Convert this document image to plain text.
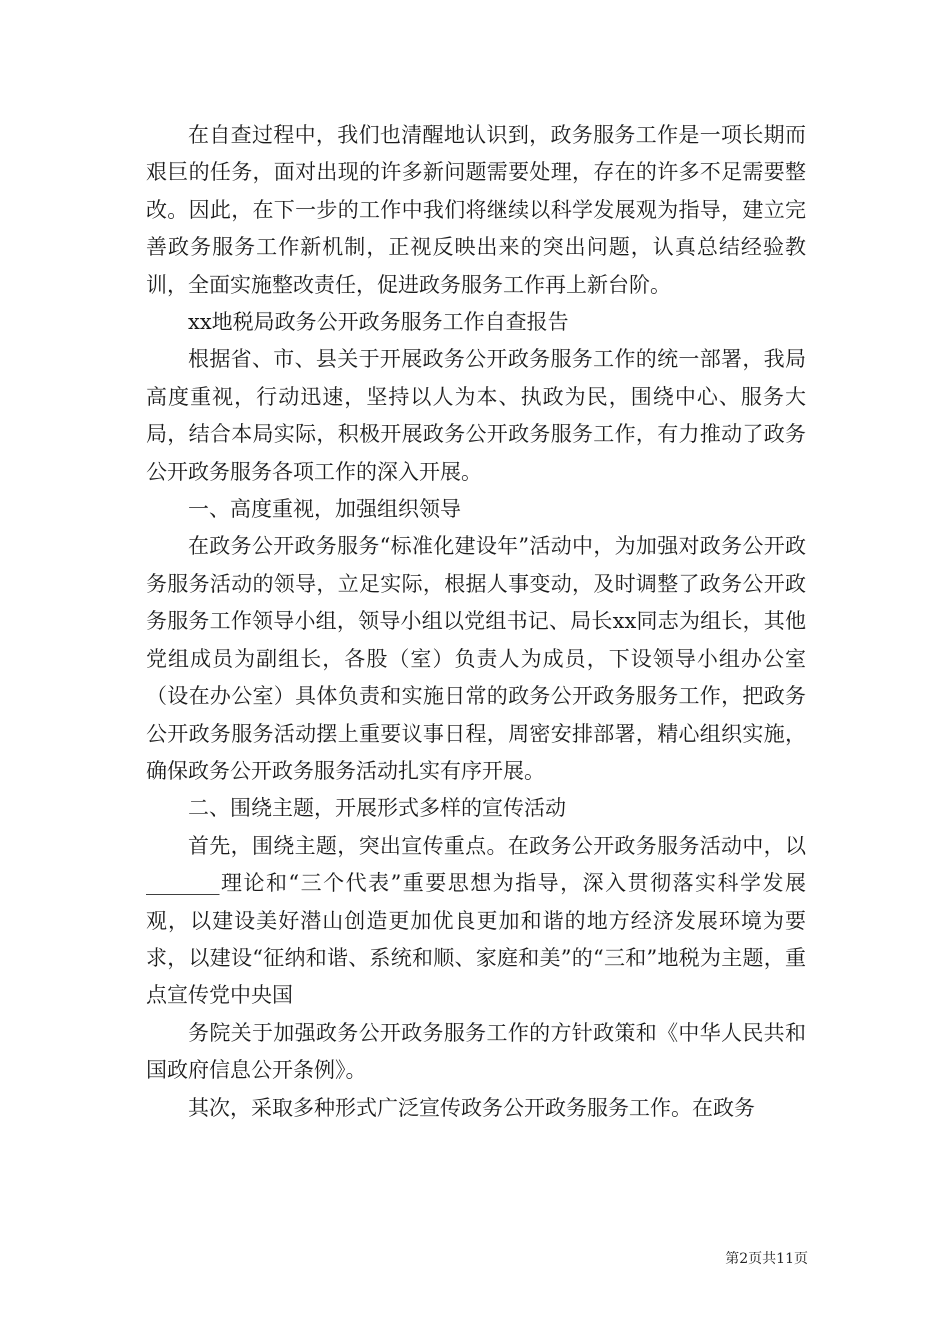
在自查过程中，我们也清醒地认识到，政务服务工作是一项长期而艰巨的任务，面对出现的许多新问题需要处理，存在的许多不足需要整改。因此，在下一步的工作中我们将继续以科学发展观为指导，建立完善政务服务工作新机制，正视反映出来的突出问题，认真总结经验教训，全面实施整改责任，促进政务服务工作再上新台阶。

xx地税局政务公开政务服务工作自查报告

根据省、市、县关于开展政务公开政务服务工作的统一部署，我局高度重视，行动迅速，坚持以人为本、执政为民，围绕中心、服务大局，结合本局实际，积极开展政务公开政务服务工作，有力推动了政务公开政务服务各项工作的深入开展。

一、高度重视，加强组织领导

在政务公开政务服务“标准化建设年”活动中，为加强对政务公开政务服务活动的领导，立足实际，根据人事变动，及时调整了政务公开政务服务工作领导小组，领导小组以党组书记、局长xx同志为组长，其他党组成员为副组长，各股（室）负责人为成员，下设领导小组办公室（设在办公室）具体负责和实施日常的政务公开政务服务工作，把政务公开政务服务活动摆上重要议事日程，周密安排部署，精心组织实施，确保政务公开政务服务活动扎实有序开展。

二、围绕主题，开展形式多样的宣传活动

首先，围绕主题，突出宣传重点。在政务公开政务服务活动中，以_______理论和“三个代表”重要思想为指导，深入贯彻落实科学发展观，以建设美好潜山创造更加优良更加和谐的地方经济发展环境为要求，以建设“征纳和谐、系统和顺、家庭和美”的“三和”地税为主题，重点宣传党中央国

务院关于加强政务公开政务服务工作的方针政策和《中华人民共和国政府信息公开条例》。

其次，采取多种形式广泛宣传政务公开政务服务工作。在政务

第2页共11页
